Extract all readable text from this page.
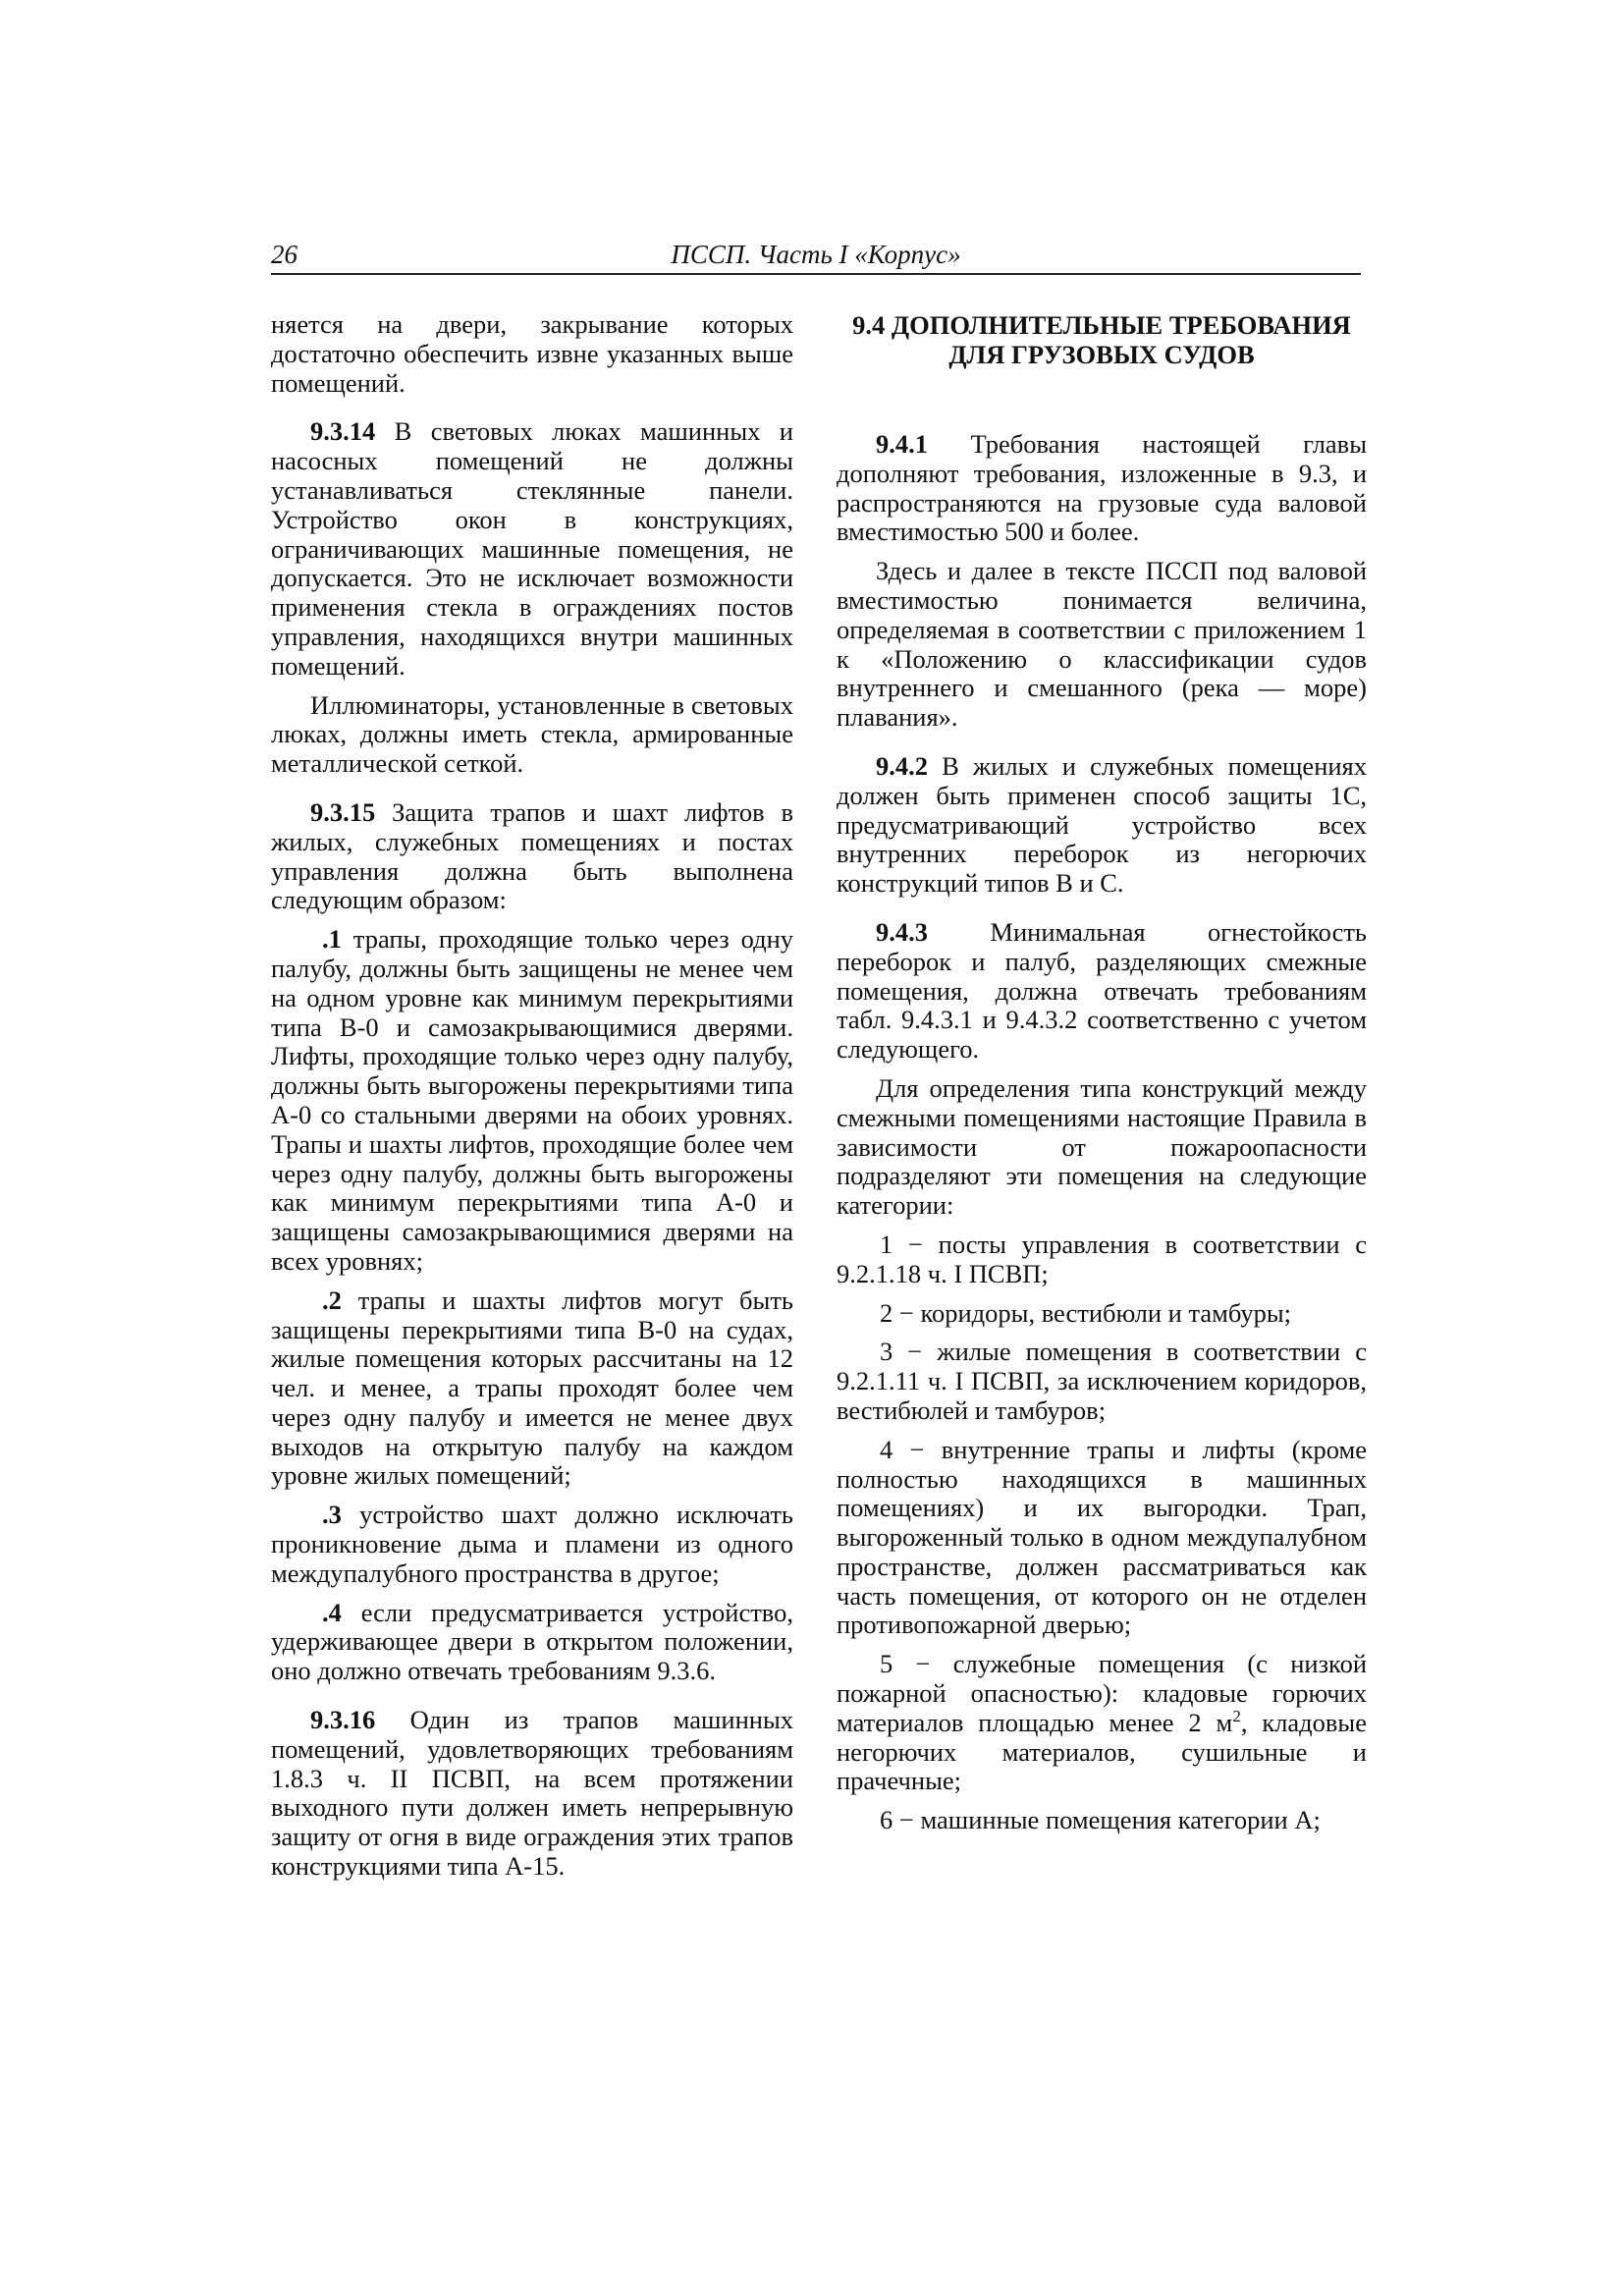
26	ПССП. Часть I «Корпус»

няется на двери, закрывание которых достаточно обеспечить извне указанных выше помещений.

9.3.14 В световых люках машинных и насосных помещений не должны устанавливаться стеклянные панели. Устройство окон в конструкциях, ограничивающих машинные помещения, не допускается. Это не исключает возможности применения стекла в ограждениях постов управления, находящихся внутри машинных помещений.

Иллюминаторы, установленные в световых люках, должны иметь стекла, армированные металлической сеткой.

9.3.15 Защита трапов и шахт лифтов в жилых, служебных помещениях и постах управления должна быть выполнена следующим образом:

.1 трапы, проходящие только через одну палубу, должны быть защищены не менее чем на одном уровне как минимум перекрытиями типа В-0 и самозакрывающимися дверями. Лифты, проходящие только через одну палубу, должны быть выгорожены перекрытиями типа А-0 со стальными дверями на обоих уровнях. Трапы и шахты лифтов, проходящие более чем через одну палубу, должны быть выгорожены как минимум перекрытиями типа А-0 и защищены самозакрывающимися дверями на всех уровнях;

.2 трапы и шахты лифтов могут быть защищены перекрытиями типа В-0 на судах, жилые помещения которых рассчитаны на 12 чел. и менее, а трапы проходят более чем через одну палубу и имеется не менее двух выходов на открытую палубу на каждом уровне жилых помещений;

.3 устройство шахт должно исключать проникновение дыма и пламени из одного междупалубного пространства в другое;

.4 если предусматривается устройство, удерживающее двери в открытом положении, оно должно отвечать требованиям 9.3.6.

9.3.16 Один из трапов машинных помещений, удовлетворяющих требованиям 1.8.3 ч. II ПСВП, на всем протяжении выходного пути должен иметь непрерывную защиту от огня в виде ограждения этих трапов конструкциями типа А-15.

9.4 ДОПОЛНИТЕЛЬНЫЕ ТРЕБОВАНИЯ
ДЛЯ ГРУЗОВЫХ СУДОВ

9.4.1 Требования настоящей главы дополняют требования, изложенные в 9.3, и распространяются на грузовые суда валовой вместимостью 500 и более.

Здесь и далее в тексте ПССП под валовой вместимостью понимается величина, определяемая в соответствии с приложением 1 к «Положению о классификации судов внутреннего и смешанного (река — море) плавания».

9.4.2 В жилых и служебных помещениях должен быть применен способ защиты 1С, предусматривающий устройство всех внутренних переборок из негорючих конструкций типов В и С.

9.4.3 Минимальная огнестойкость переборок и палуб, разделяющих смежные помещения, должна отвечать требованиям табл. 9.4.3.1 и 9.4.3.2 соответственно с учетом следующего.

Для определения типа конструкций между смежными помещениями настоящие Правила в зависимости от пожароопасности подразделяют эти помещения на следующие категории:

1 − посты управления в соответствии с 9.2.1.18 ч. I ПСВП;

2 − коридоры, вестибюли и тамбуры;

3 − жилые помещения в соответствии с 9.2.1.11 ч. I ПСВП, за исключением коридоров, вестибюлей и тамбуров;

4 − внутренние трапы и лифты (кроме полностью находящихся в машинных помещениях) и их выгородки. Трап, выгороженный только в одном междупалубном пространстве, должен рассматриваться как часть помещения, от которого он не отделен противопожарной дверью;

5 − служебные помещения (с низкой пожарной опасностью): кладовые горючих материалов площадью менее 2 $м^2$, кладовые негорючих материалов, сушильные и прачечные;

6 − машинные помещения категории А;
